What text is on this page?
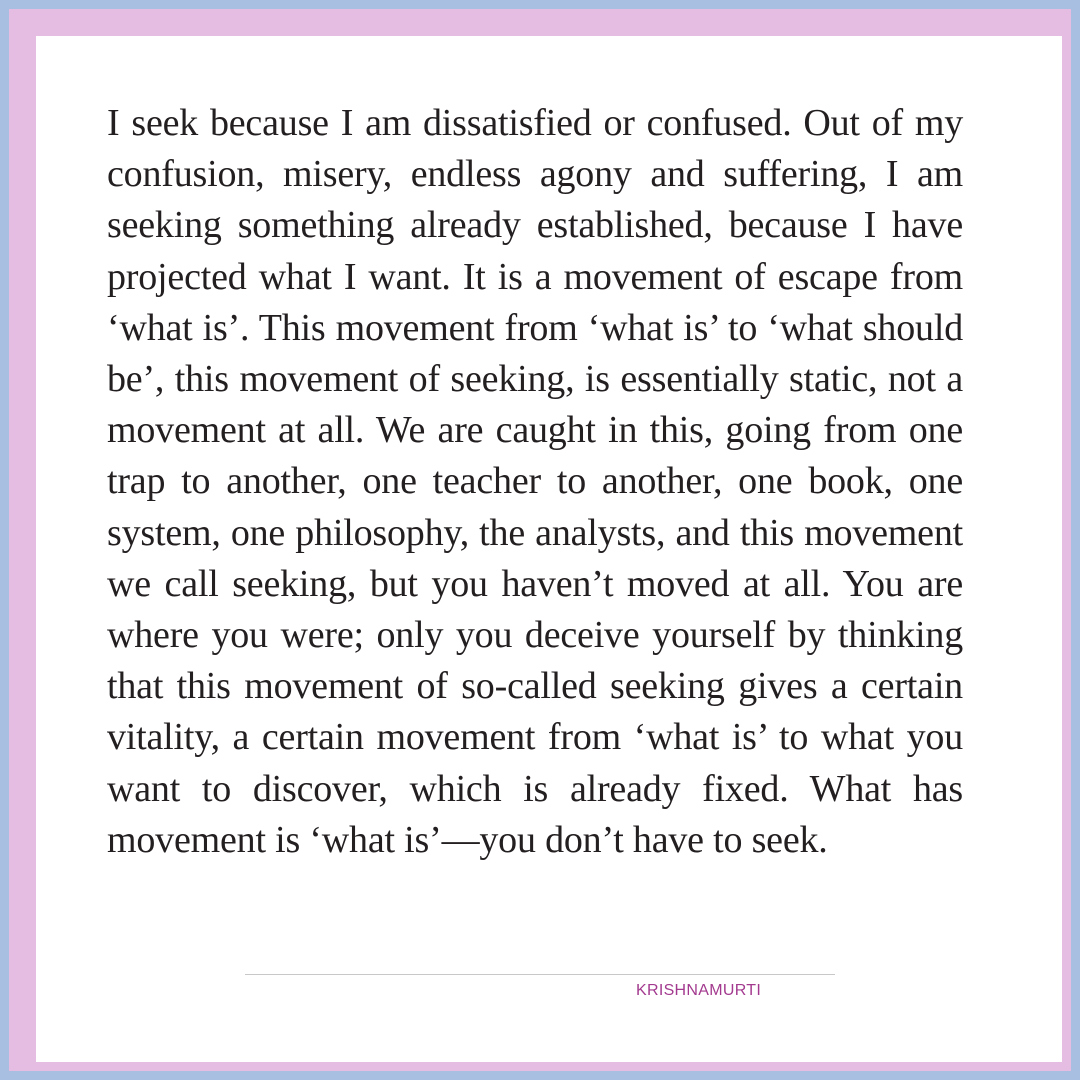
I seek because I am dissatisfied or confused. Out of my confusion, misery, endless agony and suffering, I am seeking something already established, because I have projected what I want. It is a movement of escape from ‘what is’. This movement from ‘what is’ to ‘what should be’, this movement of seeking, is essentially static, not a movement at all. We are caught in this, going from one trap to another, one teacher to another, one book, one system, one philosophy, the analysts, and this movement we call seeking, but you haven’t moved at all. You are where you were; only you deceive yourself by thinking that this movement of so-called seeking gives a certain vitality, a certain movement from ‘what is’ to what you want to discover, which is already fixed. What has movement is ‘what is’—you don’t have to seek.

KRISHNAMURTI
